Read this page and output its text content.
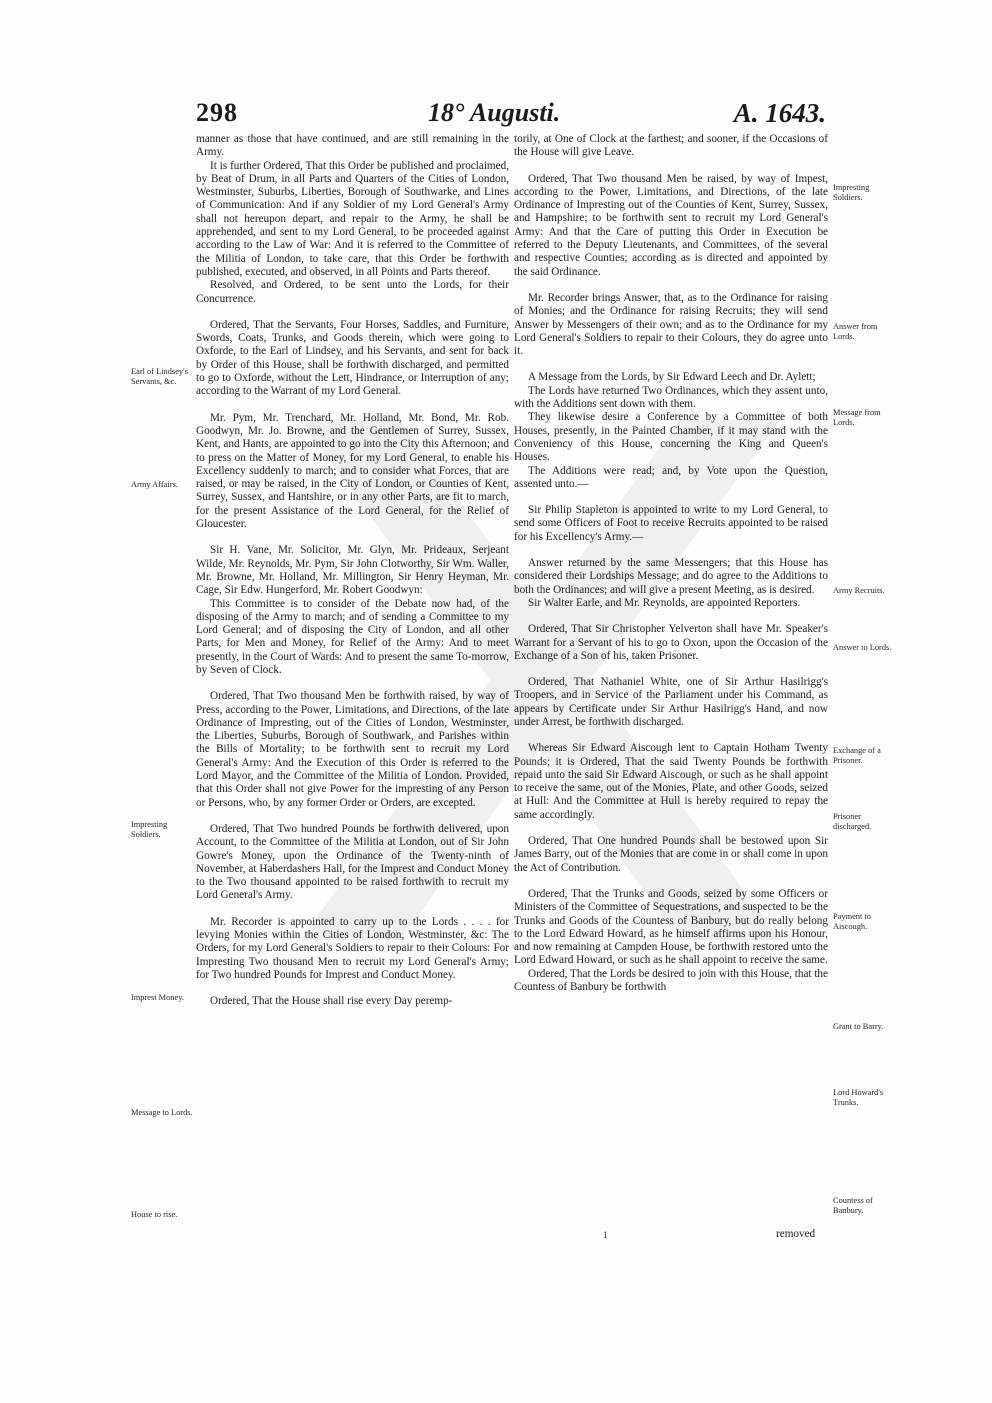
298	18° Augusti.	A. 1643.

manner as those that have continued, and are still remaining in the Army.

It is further Ordered, That this Order be published and proclaimed, by Beat of Drum, in all Parts and Quarters of the Cities of London, Westminster, Suburbs, Liberties, Borough of Southwarke, and Lines of Communication: And if any Soldier of my Lord General's Army shall not hereupon depart, and repair to the Army, he shall be apprehended, and sent to my Lord General, to be proceeded against according to the Law of War: And it is referred to the Committee of the Militia of London, to take care, that this Order be forthwith published, executed, and observed, in all Points and Parts thereof.

Resolved, and Ordered, to be sent unto the Lords, for their Concurrence.

Ordered, That the Servants, Four Horses, Saddles, and Furniture, Swords, Coats, Trunks, and Goods therein, which were going to Oxforde, to the Earl of Lindsey, and his Servants, and sent for back by Order of this House, shall be forthwith discharged, and permitted to go to Oxforde, without the Lett, Hindrance, or Interruption of any; according to the Warrant of my Lord General.

Mr. Pym, Mr. Trenchard, Mr. Holland, Mr. Bond, Mr. Rob. Goodwyn, Mr. Jo. Browne, and the Gentlemen of Surrey, Sussex, Kent, and Hants, are appointed to go into the City this Afternoon; and to press on the Matter of Money, for my Lord General, to enable his Excellency suddenly to march; and to consider what Forces, that are raised, or may be raised, in the City of London, or Counties of Kent, Surrey, Sussex, and Hantshire, or in any other Parts, are fit to march, for the present Assistance of the Lord General, for the Relief of Gloucester.

Sir H. Vane, Mr. Solicitor, Mr. Glyn, Mr. Prideaux, Serjeant Wilde, Mr. Reynolds, Mr. Pym, Sir John Clotworthy, Sir Wm. Waller, Mr. Browne, Mr. Holland, Mr. Millington, Sir Henry Heyman, Mr. Cage, Sir Edw. Hungerford, Mr. Robert Goodwyn:

This Committee is to consider of the Debate now had, of the disposing of the Army to march; and of sending a Committee to my Lord General; and of disposing the City of London, and all other Parts, for Men and Money, for Relief of the Army: And to meet presently, in the Court of Wards: And to present the same To-morrow, by Seven of Clock.

Ordered, That Two thousand Men be forthwith raised, by way of Press, according to the Power, Limitations, and Directions, of the late Ordinance of Impresting, out of the Cities of London, Westminster, the Liberties, Suburbs, Borough of Southwark, and Parishes within the Bills of Mortality; to be forthwith sent to recruit my Lord General's Army: And the Execution of this Order is referred to the Lord Mayor, and the Committee of the Militia of London. Provided, that this Order shall not give Power for the impresting of any Person or Persons, who, by any former Order or Orders, are excepted.

Ordered, That Two hundred Pounds be forthwith delivered, upon Account, to the Committee of the Militia at London, out of Sir John Gowre's Money, upon the Ordinance of the Twenty-ninth of November, at Haberdashers Hall, for the Imprest and Conduct Money to the Two thousand appointed to be raised forthwith to recruit my Lord General's Army.

Mr. Recorder is appointed to carry up to the Lords . . . . for levying Monies within the Cities of London, Westminster, &c: The Orders, for my Lord General's Soldiers to repair to their Colours: For Impresting Two thousand Men to recruit my Lord General's Army; for Two hundred Pounds for Imprest and Conduct Money.

Ordered, That the House shall rise every Day peremp-

torily, at One of Clock at the farthest; and sooner, if the Occasions of the House will give Leave.

Ordered, That Two thousand Men be raised, by way of Impest, according to the Power, Limitations, and Directions, of the late Ordinance of Impresting out of the Counties of Kent, Surrey, Sussex, and Hampshire; to be forthwith sent to recruit my Lord General's Army: And that the Care of putting this Order in Execution be referred to the Deputy Lieutenants, and Committees, of the several and respective Counties; according as is directed and appointed by the said Ordinance.

Mr. Recorder brings Answer, that, as to the Ordinance for raising of Monies; and the Ordinance for raising Recruits; they will send Answer by Messengers of their own; and as to the Ordinance for my Lord General's Soldiers to repair to their Colours, they do agree unto it.

A Message from the Lords, by Sir Edward Leech and Dr. Aylett;

The Lords have returned Two Ordinances, which they assent unto, with the Additions sent down with them.

They likewise desire a Conference by a Committee of both Houses, presently, in the Painted Chamber, if it may stand with the Conveniency of this House, concerning the King and Queen's Houses.

The Additions were read; and, by Vote upon the Question, assented unto.—

Sir Philip Stapleton is appointed to write to my Lord General, to send some Officers of Foot to receive Recruits appointed to be raised for his Excellency's Army.—

Answer returned by the same Messengers; that this House has considered their Lordships Message; and do agree to the Additions to both the Ordinances; and will give a present Meeting, as is desired.

Sir Walter Earle, and Mr. Reynolds, are appointed Reporters.

Ordered, That Sir Christopher Yelverton shall have Mr. Speaker's Warrant for a Servant of his to go to Oxon, upon the Occasion of the Exchange of a Son of his, taken Prisoner.

Ordered, That Nathaniel White, one of Sir Arthur Hasilrigg's Troopers, and in Service of the Parliament under his Command, as appears by Certificate under Sir Arthur Hasilrigg's Hand, and now under Arrest, be forthwith discharged.

Whereas Sir Edward Aiscough lent to Captain Hotham Twenty Pounds; it is Ordered, That the said Twenty Pounds be forthwith repaid unto the said Sir Edward Aiscough, or such as he shall appoint to receive the same, out of the Monies, Plate, and other Goods, seized at Hull: And the Committee at Hull is hereby required to repay the same accordingly.

Ordered, That One hundred Pounds shall be bestowed upon Sir James Barry, out of the Monies that are come in or shall come in upon the Act of Contribution.

Ordered, That the Trunks and Goods, seized by some Officers or Ministers of the Committee of Sequestrations, and suspected to be the Trunks and Goods of the Countess of Banbury, but do really belong to the Lord Edward Howard, as he himself affirms upon his Honour, and now remaining at Campden House, be forthwith restored unto the Lord Edward Howard, or such as he shall appoint to receive the same.

Ordered, That the Lords be desired to join with this House, that the Countess of Banbury be forthwith

Earl of Lindsey's Servants, &c.
Army Affairs.
Impresting Soldiers.
Imprest Money.
Message to Lords.
House to rise.
Impresting Soldiers.
Answer from Lords.
Message from Lords.
Army Recruits.
Answer to Lords.
Exchange of a Prisoner.
Prisoner discharged.
Payment to Aiscough.
Grant to Barry.
Lord Howard's Trunks.
Countess of Banbury.
1	removed
